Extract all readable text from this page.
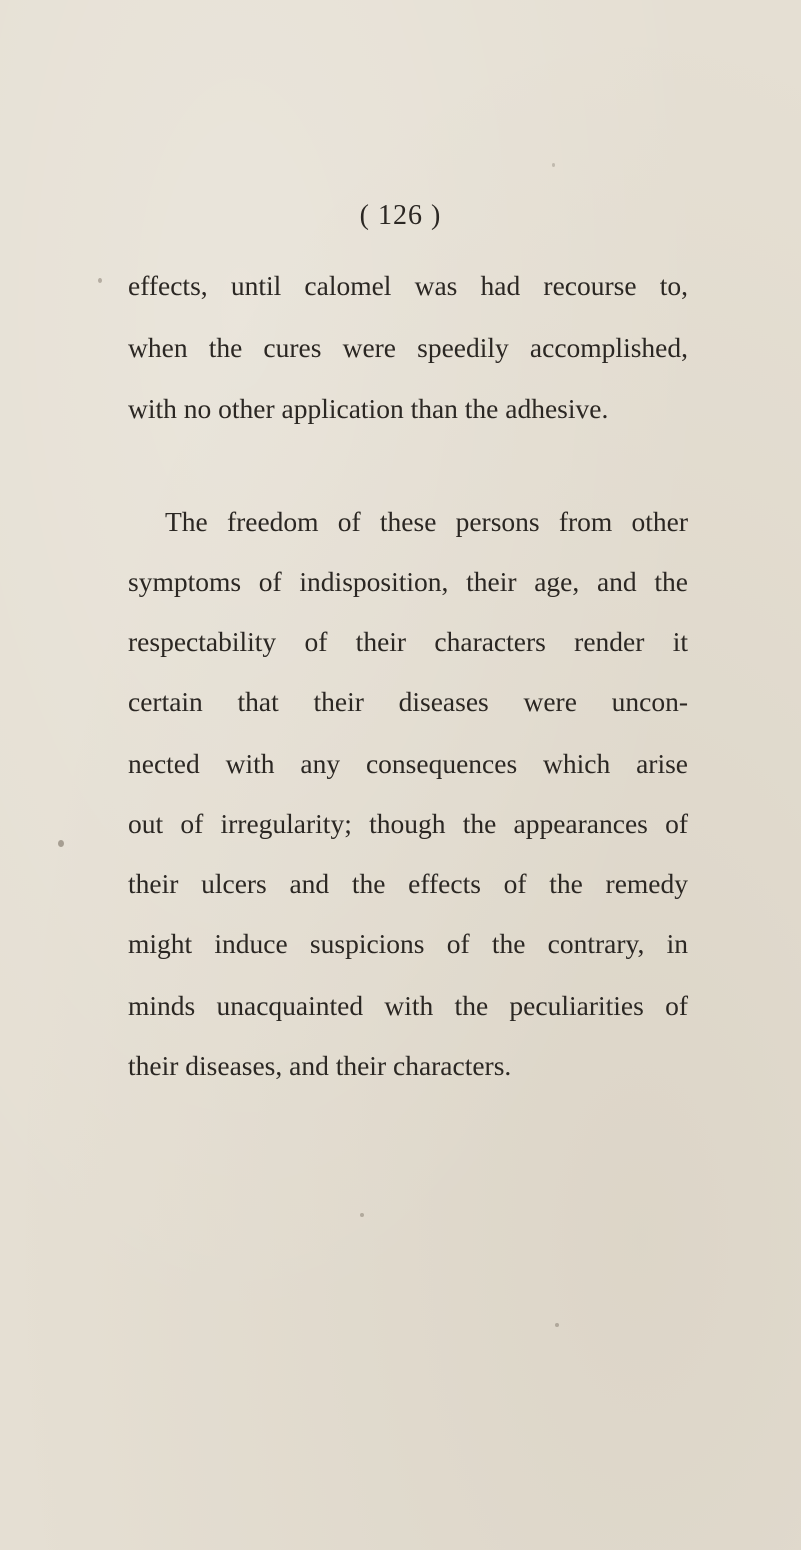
( 126 )
effects, until calomel was had recourse to,
when the cures were speedily accomplished,
with no other application than the adhesive.
The freedom of these persons from other
symptoms of indisposition, their age, and the
respectability of their characters render it
certain that their diseases were uncon-
nected with any consequences which arise
out of irregularity; though the appearances of
their ulcers and the effects of the remedy
might induce suspicions of the contrary, in
minds unacquainted with the peculiarities of
their diseases, and their characters.
